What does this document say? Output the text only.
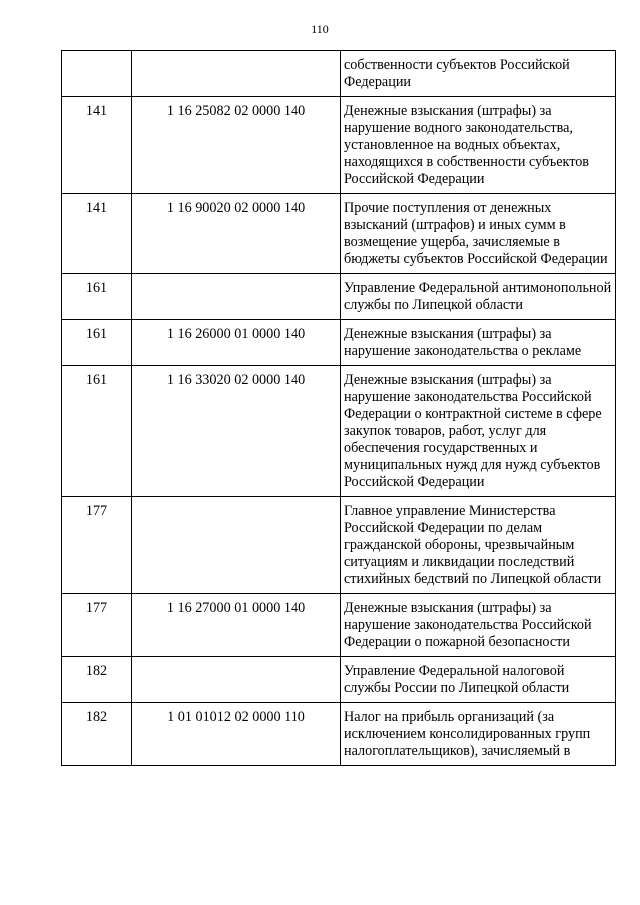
110
		собственности субъектов Российской Федерации
141	1 16 25082 02 0000 140	Денежные взыскания (штрафы) за нарушение водного законодательства, установленное на водных объектах, находящихся в собственности субъектов Российской Федерации
141	1 16 90020 02 0000 140	Прочие поступления от денежных взысканий (штрафов) и иных сумм в возмещение ущерба, зачисляемые в бюджеты субъектов Российской Федерации
161		Управление Федеральной антимонопольной службы по Липецкой области
161	1 16 26000 01 0000 140	Денежные взыскания (штрафы) за нарушение законодательства о рекламе
161	1 16 33020 02 0000 140	Денежные взыскания (штрафы) за нарушение законодательства Российской Федерации о контрактной системе в сфере закупок товаров, работ, услуг для обеспечения государственных и муниципальных нужд для нужд субъектов Российской Федерации
177		Главное управление Министерства Российской Федерации по делам гражданской обороны, чрезвычайным ситуациям и ликвидации последствий стихийных бедствий по Липецкой области
177	1 16 27000 01 0000 140	Денежные взыскания (штрафы) за нарушение законодательства Российской Федерации о пожарной безопасности
182		Управление Федеральной налоговой службы России по Липецкой области
182	1 01 01012 02 0000 110	Налог на прибыль организаций (за исключением консолидированных групп налогоплательщиков), зачисляемый в
